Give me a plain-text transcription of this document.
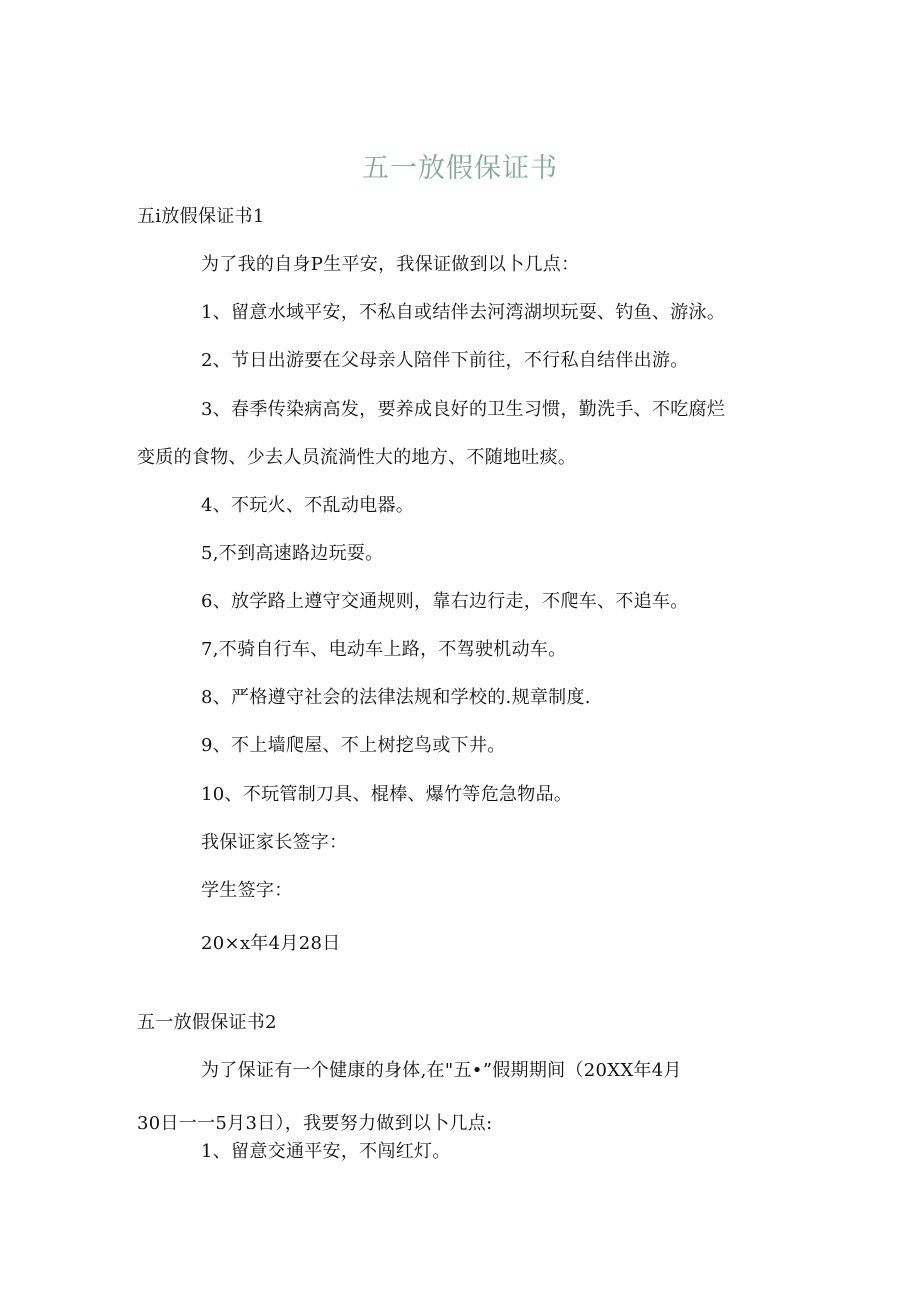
五一放假保证书
五i放假保证书1
为了我的自身P生平安，我保证做到以卜几点：
1、留意水域平安，不私自或结伴去河湾湖坝玩耍、钓鱼、游泳。
2、节日出游要在父母亲人陪伴下前往，不行私自结伴出游。
3、春季传染病高发，要养成良好的卫生习惯，勤洗手、不吃腐烂
变质的食物、少去人员流淌性大的地方、不随地吐痰。
4、不玩火、不乱动电器。
5,不到高速路边玩耍。
6、放学路上遵守交通规则，靠右边行走，不爬车、不追车。
7,不骑自行车、电动车上路，不驾驶机动车。
8、严格遵守社会的法律法规和学校的.规章制度.
9、不上墙爬屋、不上树挖鸟或下井。
10、不玩管制刀具、棍棒、爆竹等危急物品。
我保证家长签字：
学生签字：
20×x年4月28日
五一放假保证书2
为了保证有一个健康的身体,在"五•”假期期间（20XX年4月
30日一一5月3日），我要努力做到以卜几点:
1、留意交通平安，不闯红灯。
